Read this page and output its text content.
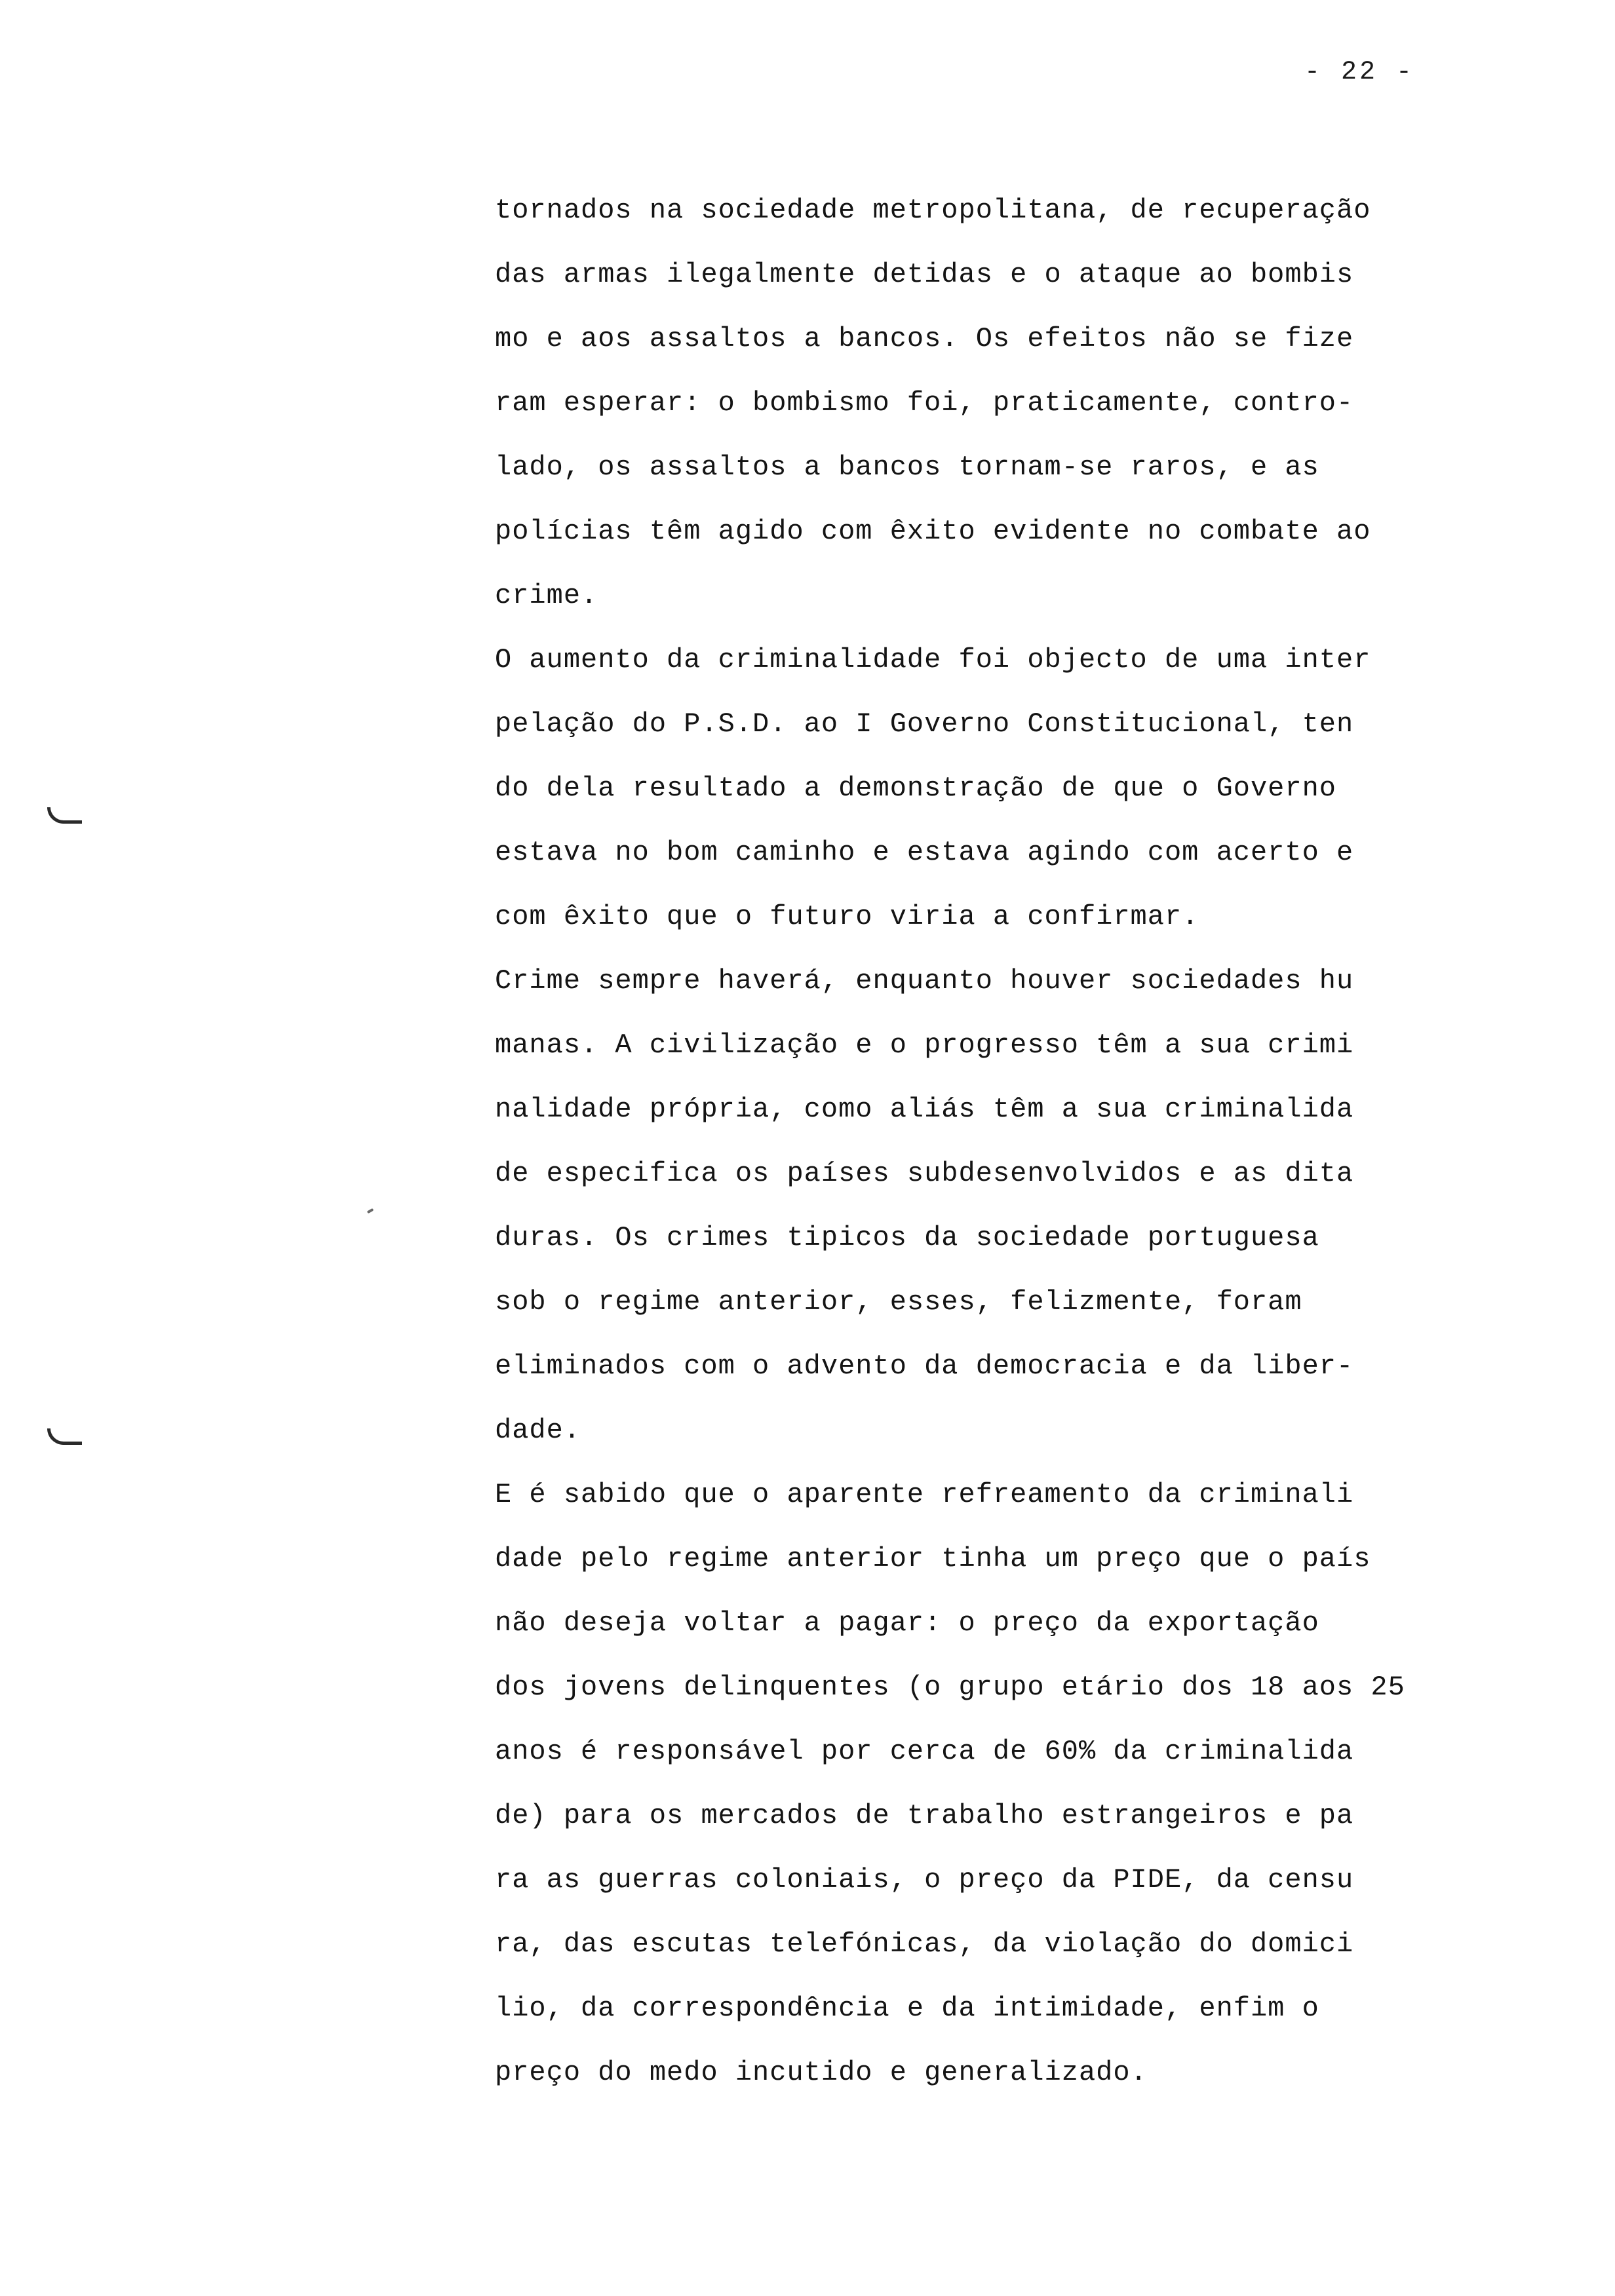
- 22 -
tornados na sociedade metropolitana, de recuperação
das armas ilegalmente detidas e o ataque ao bombis
mo e aos assaltos a bancos. Os efeitos não se fize
ram esperar: o bombismo foi, praticamente, contro-
lado, os assaltos a bancos tornam-se raros, e as
polícias têm agido com êxito evidente no combate ao
crime.
O aumento da criminalidade foi objecto de uma inter
pelação do P.S.D. ao I Governo Constitucional, ten
do dela resultado a demonstração de que o Governo
estava no bom caminho e estava agindo com acerto e
com êxito que o futuro viria a confirmar.
Crime sempre haverá, enquanto houver sociedades hu
manas. A civilização e o progresso têm a sua crimi
nalidade própria, como aliás têm a sua criminalida
de especifica os países subdesenvolvidos e as dita
duras. Os crimes tipicos da sociedade portuguesa
sob o regime anterior, esses, felizmente, foram
eliminados com o advento da democracia e da liber-
dade.
E é sabido que o aparente refreamento da criminali
dade pelo regime anterior tinha um preço que o país
não deseja voltar a pagar: o preço da exportação
dos jovens delinquentes (o grupo etário dos 18 aos 25
anos é responsável por cerca de 60% da criminalida
de) para os mercados de trabalho estrangeiros e pa
ra as guerras coloniais, o preço da PIDE, da censu
ra, das escutas telefónicas, da violação do domici
lio, da correspondência e da intimidade, enfim o
preço do medo incutido e generalizado.
